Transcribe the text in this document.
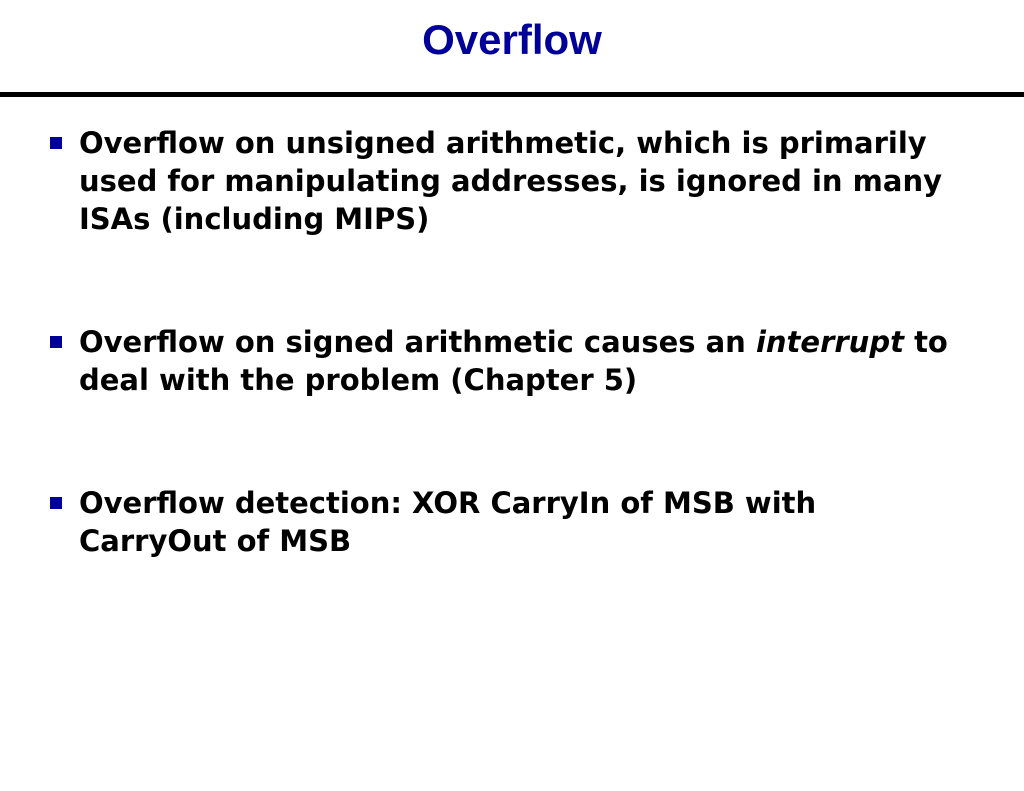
Overflow
Overflow on unsigned arithmetic, which is primarily used for manipulating addresses, is ignored in many ISAs (including MIPS)
Overflow on signed arithmetic causes an interrupt to deal with the problem (Chapter 5)
Overflow detection: XOR CarryIn of MSB with CarryOut of MSB
